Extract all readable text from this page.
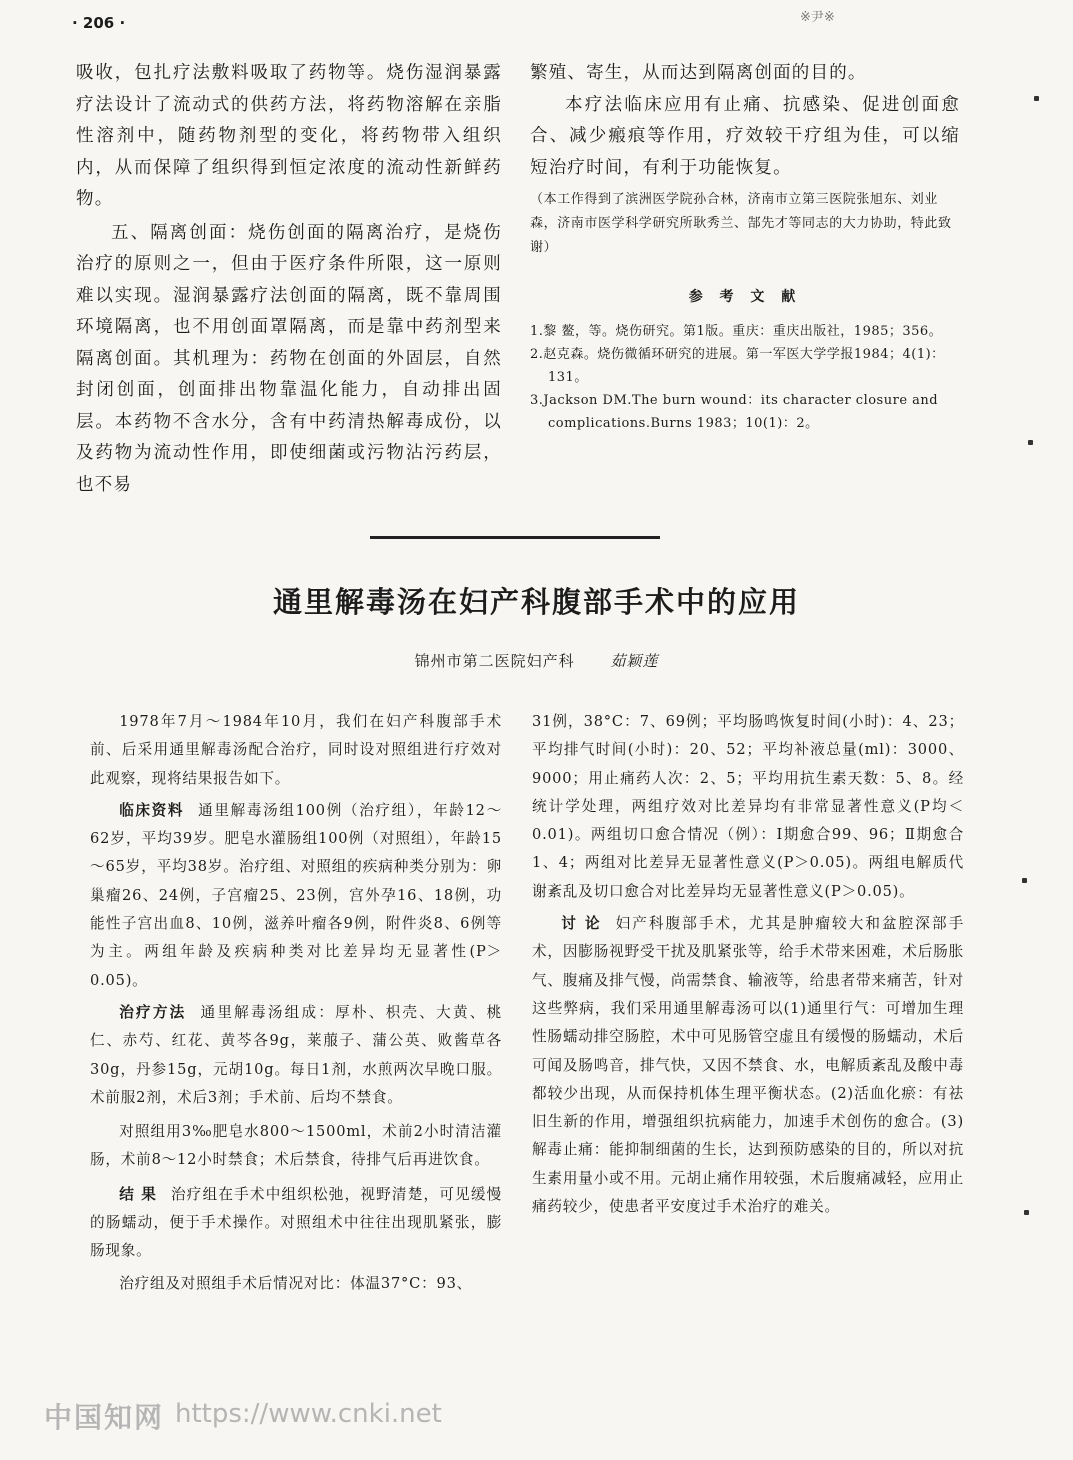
· 206 ·	※尹※

吸收，包扎疗法敷料吸取了药物等。烧伤湿润暴露疗法设计了流动式的供药方法，将药物溶解在亲脂性溶剂中，随药物剂型的变化，将药物带入组织内，从而保障了组织得到恒定浓度的流动性新鲜药物。

五、隔离创面：烧伤创面的隔离治疗，是烧伤治疗的原则之一，但由于医疗条件所限，这一原则难以实现。湿润暴露疗法创面的隔离，既不靠周围环境隔离，也不用创面罩隔离，而是靠中药剂型来隔离创面。其机理为：药物在创面的外固层，自然封闭创面，创面排出物靠温化能力，自动排出固层。本药物不含水分，含有中药清热解毒成份，以及药物为流动性作用，即使细菌或污物沾污药层，也不易

繁殖、寄生，从而达到隔离创面的目的。

本疗法临床应用有止痛、抗感染、促进创面愈合、减少瘢痕等作用，疗效较干疗组为佳，可以缩短治疗时间，有利于功能恢复。

（本工作得到了滨洲医学院孙合林，济南市立第三医院张旭东、刘业森，济南市医学科学研究所耿秀兰、郜先才等同志的大力协助，特此致谢）

参 考 文 献

1.黎 鳌，等。烧伤研究。第1版。重庆：重庆出版社，1985；356。

2.赵克森。烧伤微循环研究的进展。第一军医大学学报1984；4(1)：131。

3.Jackson DM.The burn wound：its character closure and complications.Burns 1983；10(1)：2。

通里解毒汤在妇产科腹部手术中的应用
锦州市第二医院妇产科 茹颖莲

1978年7月～1984年10月，我们在妇产科腹部手术前、后采用通里解毒汤配合治疗，同时设对照组进行疗效对此观察，现将结果报告如下。

临床资料 通里解毒汤组100例（治疗组），年龄12～62岁，平均39岁。肥皂水灌肠组100例（对照组），年龄15～65岁，平均38岁。治疗组、对照组的疾病种类分别为：卵巢瘤26、24例，子宫瘤25、23例，宫外孕16、18例，功能性子宫出血8、10例，滋养叶瘤各9例，附件炎8、6例等为主。两组年龄及疾病种类对比差异均无显著性(P＞0.05)。

治疗方法 通里解毒汤组成：厚朴、枳壳、大黄、桃仁、赤芍、红花、黄芩各9g，莱菔子、蒲公英、败酱草各30g，丹参15g，元胡10g。每日1剂，水煎两次早晚口服。术前服2剂，术后3剂；手术前、后均不禁食。

对照组用3‰肥皂水800～1500ml，术前2小时清洁灌肠，术前8～12小时禁食；术后禁食，待排气后再进饮食。

结 果 治疗组在手术中组织松弛，视野清楚，可见缓慢的肠蠕动，便于手术操作。对照组术中往往出现肌紧张，膨肠现象。

治疗组及对照组手术后情况对比：体温37°C：93、

31例，38°C：7、69例；平均肠鸣恢复时间(小时)：4、23；平均排气时间(小时)：20、52；平均补液总量(ml)：3000、9000；用止痛药人次：2、5；平均用抗生素天数：5、8。经统计学处理，两组疗效对比差异均有非常显著性意义(P均＜0.01)。两组切口愈合情况（例）：Ⅰ期愈合99、96；Ⅱ期愈合1、4；两组对比差异无显著性意义(P＞0.05)。两组电解质代谢紊乱及切口愈合对比差异均无显著性意义(P＞0.05)。

讨 论 妇产科腹部手术，尤其是肿瘤较大和盆腔深部手术，因膨肠视野受干扰及肌紧张等，给手术带来困难，术后肠胀气、腹痛及排气慢，尚需禁食、输液等，给患者带来痛苦，针对这些弊病，我们采用通里解毒汤可以(1)通里行气：可增加生理性肠蠕动排空肠腔，术中可见肠管空虚且有缓慢的肠蠕动，术后可闻及肠鸣音，排气快，又因不禁食、水，电解质紊乱及酸中毒都较少出现，从而保持机体生理平衡状态。(2)活血化瘀：有祛旧生新的作用，增强组织抗病能力，加速手术创伤的愈合。(3)解毒止痛：能抑制细菌的生长，达到预防感染的目的，所以对抗生素用量小或不用。元胡止痛作用较强，术后腹痛减轻，应用止痛药较少，使患者平安度过手术治疗的难关。

中国知网 https://www.cnki.net
